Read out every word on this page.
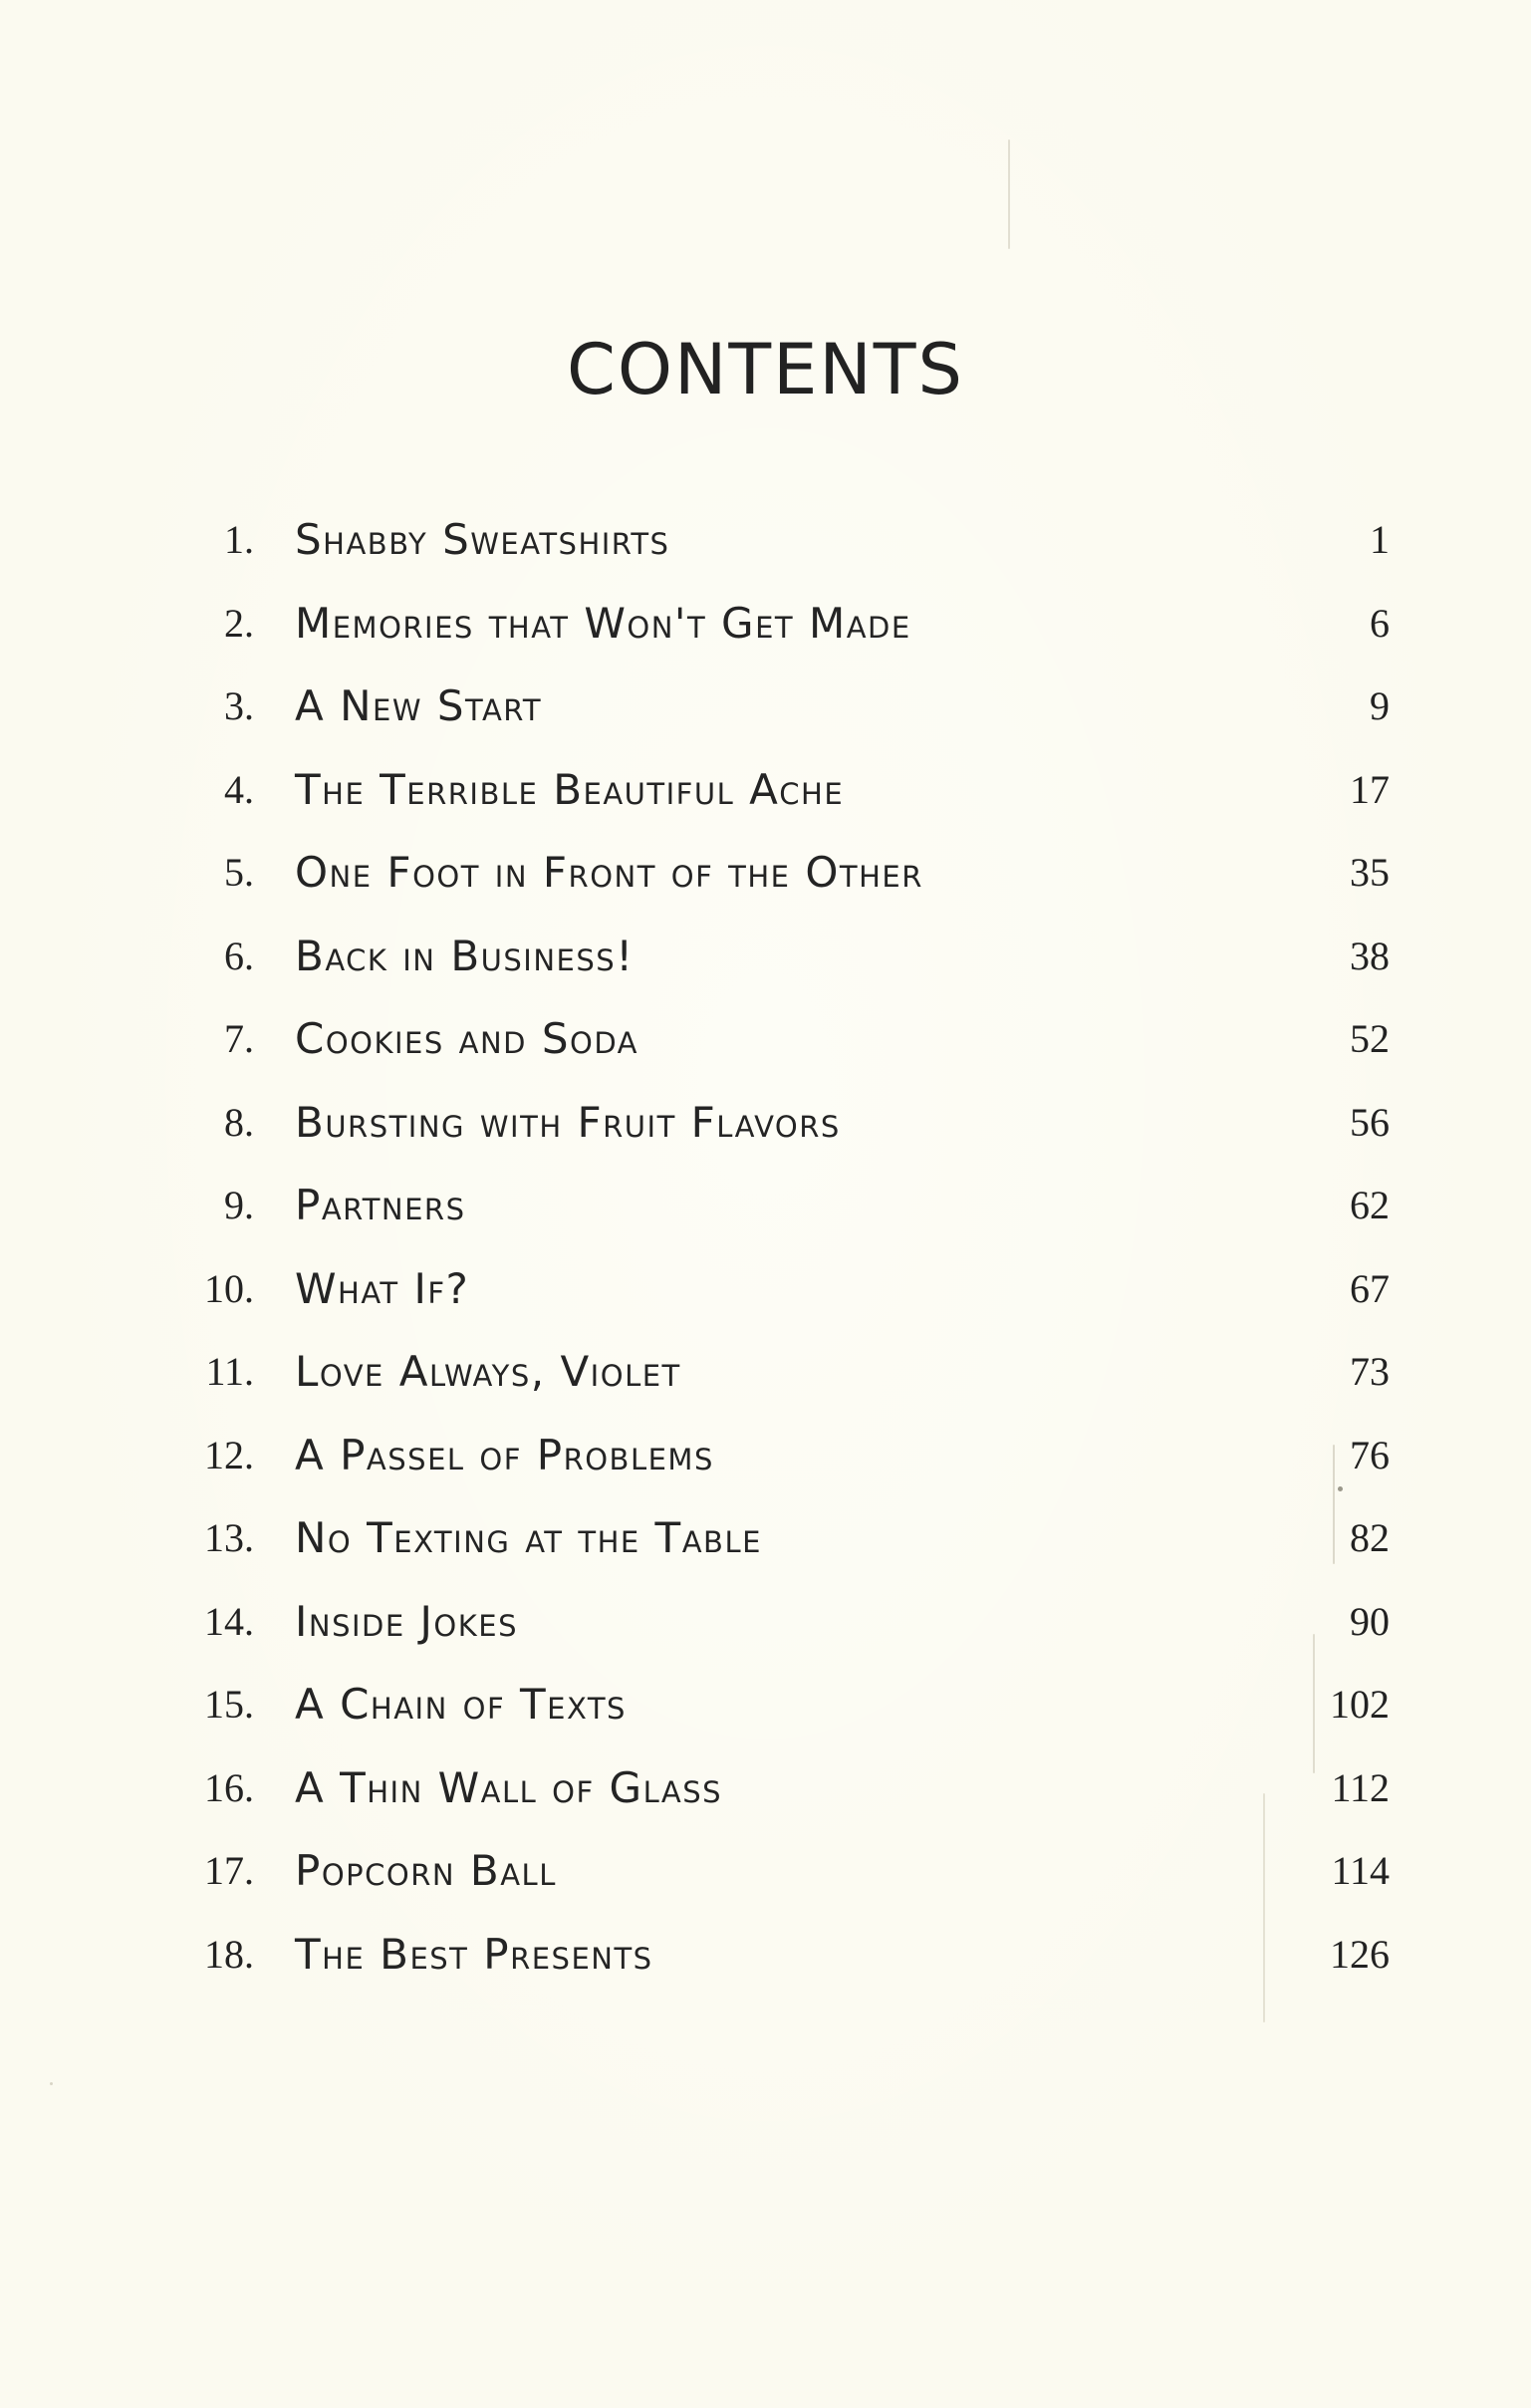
CONTENTS
1. Shabby Sweatshirts	1
2. Memories that Won't Get Made	6
3. A New Start	9
4. The Terrible Beautiful Ache	17
5. One Foot in Front of the Other	35
6. Back in Business!	38
7. Cookies and Soda	52
8. Bursting with Fruit Flavors	56
9. Partners	62
10. What If?	67
11. Love Always, Violet	73
12. A Passel of Problems	76
13. No Texting at the Table	82
14. Inside Jokes	90
15. A Chain of Texts	102
16. A Thin Wall of Glass	112
17. Popcorn Ball	114
18. The Best Presents	126
